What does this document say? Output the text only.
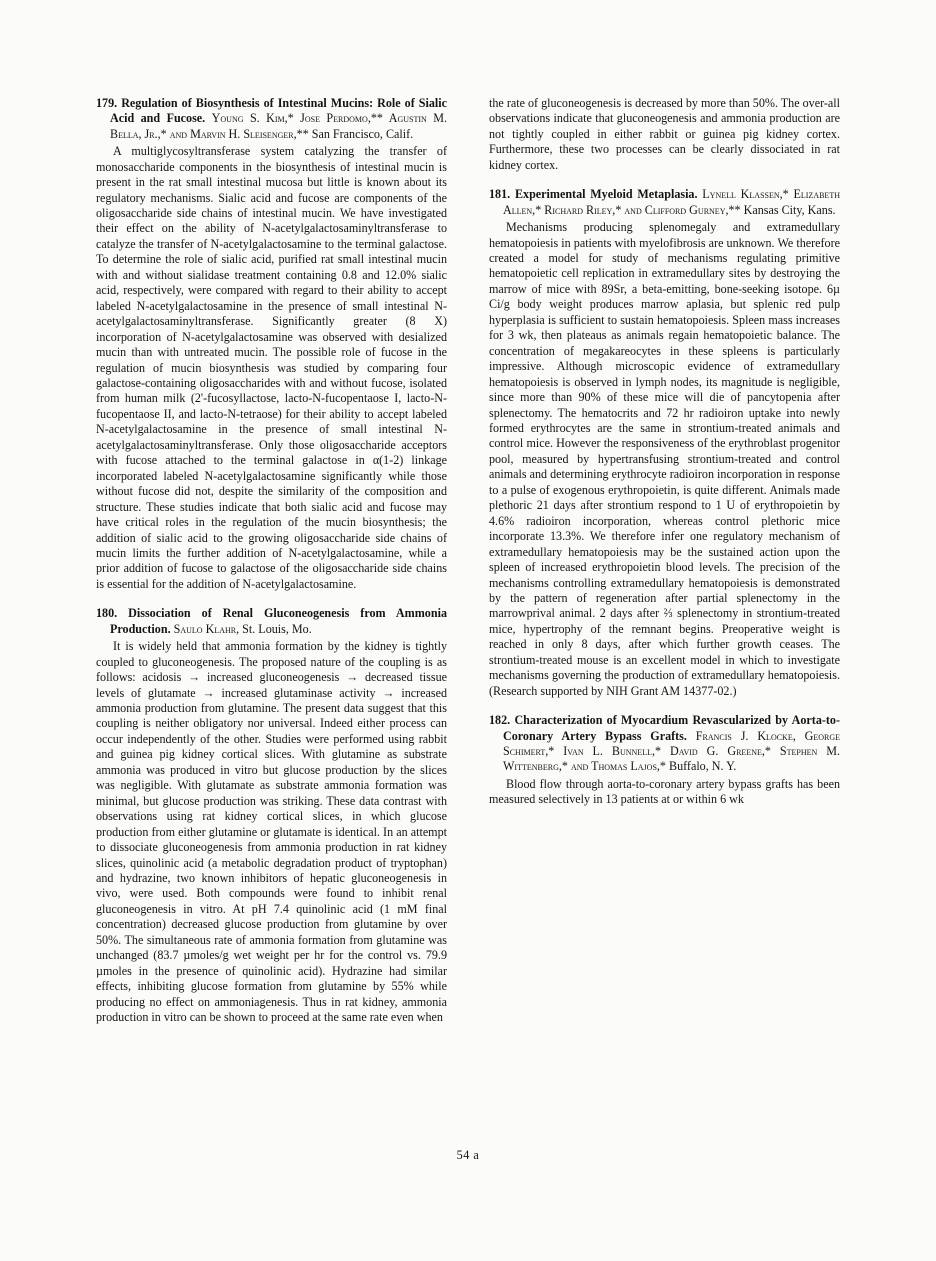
179. Regulation of Biosynthesis of Intestinal Mucins: Role of Sialic Acid and Fucose. Young S. Kim,* Jose Perdomo,** Agustin M. Bella, Jr.,* and Marvin H. Sleisenger,** San Francisco, Calif.

A multiglycosyltransferase system catalyzing the transfer of monosaccharide components in the biosynthesis of intestinal mucin is present in the rat small intestinal mucosa but little is known about its regulatory mechanisms. Sialic acid and fucose are components of the oligosaccharide side chains of intestinal mucin. We have investigated their effect on the ability of N-acetylgalactosaminyltransferase to catalyze the transfer of N-acetylgalactosamine to the terminal galactose. To determine the role of sialic acid, purified rat small intestinal mucin with and without sialidase treatment containing 0.8 and 12.0% sialic acid, respectively, were compared with regard to their ability to accept labeled N-acetylgalactosamine in the presence of small intestinal N-acetylgalactosaminyltransferase. Significantly greater (8 X) incorporation of N-acetylgalactosamine was observed with desialized mucin than with untreated mucin. The possible role of fucose in the regulation of mucin biosynthesis was studied by comparing four galactose-containing oligosaccharides with and without fucose, isolated from human milk (2'-fucosyllactose, lacto-N-fucopentaose I, lacto-N-fucopentaose II, and lacto-N-tetraose) for their ability to accept labeled N-acetylgalactosamine in the presence of small intestinal N-acetylgalactosaminyltransferase. Only those oligosaccharide acceptors with fucose attached to the terminal galactose in α(1-2) linkage incorporated labeled N-acetylgalactosamine significantly while those without fucose did not, despite the similarity of the composition and structure. These studies indicate that both sialic acid and fucose may have critical roles in the regulation of the mucin biosynthesis; the addition of sialic acid to the growing oligosaccharide side chains of mucin limits the further addition of N-acetylgalactosamine, while a prior addition of fucose to galactose of the oligosaccharide side chains is essential for the addition of N-acetylgalactosamine.

180. Dissociation of Renal Gluconeogenesis from Ammonia Production. Saulo Klahr, St. Louis, Mo.

It is widely held that ammonia formation by the kidney is tightly coupled to gluconeogenesis. The proposed nature of the coupling is as follows: acidosis → increased gluconeogenesis → decreased tissue levels of glutamate → increased glutaminase activity → increased ammonia production from glutamine. The present data suggest that this coupling is neither obligatory nor universal. Indeed either process can occur independently of the other. Studies were performed using rabbit and guinea pig kidney cortical slices. With glutamine as substrate ammonia was produced in vitro but glucose production by the slices was negligible. With glutamate as substrate ammonia formation was minimal, but glucose production was striking. These data contrast with observations using rat kidney cortical slices, in which glucose production from either glutamine or glutamate is identical. In an attempt to dissociate gluconeogenesis from ammonia production in rat kidney slices, quinolinic acid (a metabolic degradation product of tryptophan) and hydrazine, two known inhibitors of hepatic gluconeogenesis in vivo, were used. Both compounds were found to inhibit renal gluconeogenesis in vitro. At pH 7.4 quinolinic acid (1 mM final concentration) decreased glucose production from glutamine by over 50%. The simultaneous rate of ammonia formation from glutamine was unchanged (83.7 µmoles/g wet weight per hr for the control vs. 79.9 µmoles in the presence of quinolinic acid). Hydrazine had similar effects, inhibiting glucose formation from glutamine by 55% while producing no effect on ammoniagenesis. Thus in rat kidney, ammonia production in vitro can be shown to proceed at the same rate even when

the rate of gluconeogenesis is decreased by more than 50%. The over-all observations indicate that gluconeogenesis and ammonia production are not tightly coupled in either rabbit or guinea pig kidney cortex. Furthermore, these two processes can be clearly dissociated in rat kidney cortex.

181. Experimental Myeloid Metaplasia. Lynell Klassen,* Elizabeth Allen,* Richard Riley,* and Clifford Gurney,** Kansas City, Kans.

Mechanisms producing splenomegaly and extramedullary hematopoiesis in patients with myelofibrosis are unknown. We therefore created a model for study of mechanisms regulating primitive hematopoietic cell replication in extramedullary sites by destroying the marrow of mice with 89Sr, a beta-emitting, bone-seeking isotope. 6µ Ci/g body weight produces marrow aplasia, but splenic red pulp hyperplasia is sufficient to sustain hematopoiesis. Spleen mass increases for 3 wk, then plateaus as animals regain hematopoietic balance. The concentration of megakareocytes in these spleens is particularly impressive. Although microscopic evidence of extramedullary hematopoiesis is observed in lymph nodes, its magnitude is negligible, since more than 90% of these mice will die of pancytopenia after splenectomy. The hematocrits and 72 hr radioiron uptake into newly formed erythrocytes are the same in strontium-treated animals and control mice. However the responsiveness of the erythroblast progenitor pool, measured by hypertransfusing strontium-treated and control animals and determining erythrocyte radioiron incorporation in response to a pulse of exogenous erythropoietin, is quite different. Animals made plethoric 21 days after strontium respond to 1 U of erythropoietin by 4.6% radioiron incorporation, whereas control plethoric mice incorporate 13.3%. We therefore infer one regulatory mechanism of extramedullary hematopoiesis may be the sustained action upon the spleen of increased erythropoietin blood levels. The precision of the mechanisms controlling extramedullary hematopoiesis is demonstrated by the pattern of regeneration after partial splenectomy in the marrowprival animal. 2 days after ⅔ splenectomy in strontium-treated mice, hypertrophy of the remnant begins. Preoperative weight is reached in only 8 days, after which further growth ceases. The strontium-treated mouse is an excellent model in which to investigate mechanisms governing the production of extramedullary hematopoiesis. (Research supported by NIH Grant AM 14377-02.)

182. Characterization of Myocardium Revascularized by Aorta-to-Coronary Artery Bypass Grafts. Francis J. Klocke, George Schimert,* Ivan L. Bunnell,* David G. Greene,* Stephen M. Wittenberg,* and Thomas Lajos,* Buffalo, N. Y.

Blood flow through aorta-to-coronary artery bypass grafts has been measured selectively in 13 patients at or within 6 wk

54 a
